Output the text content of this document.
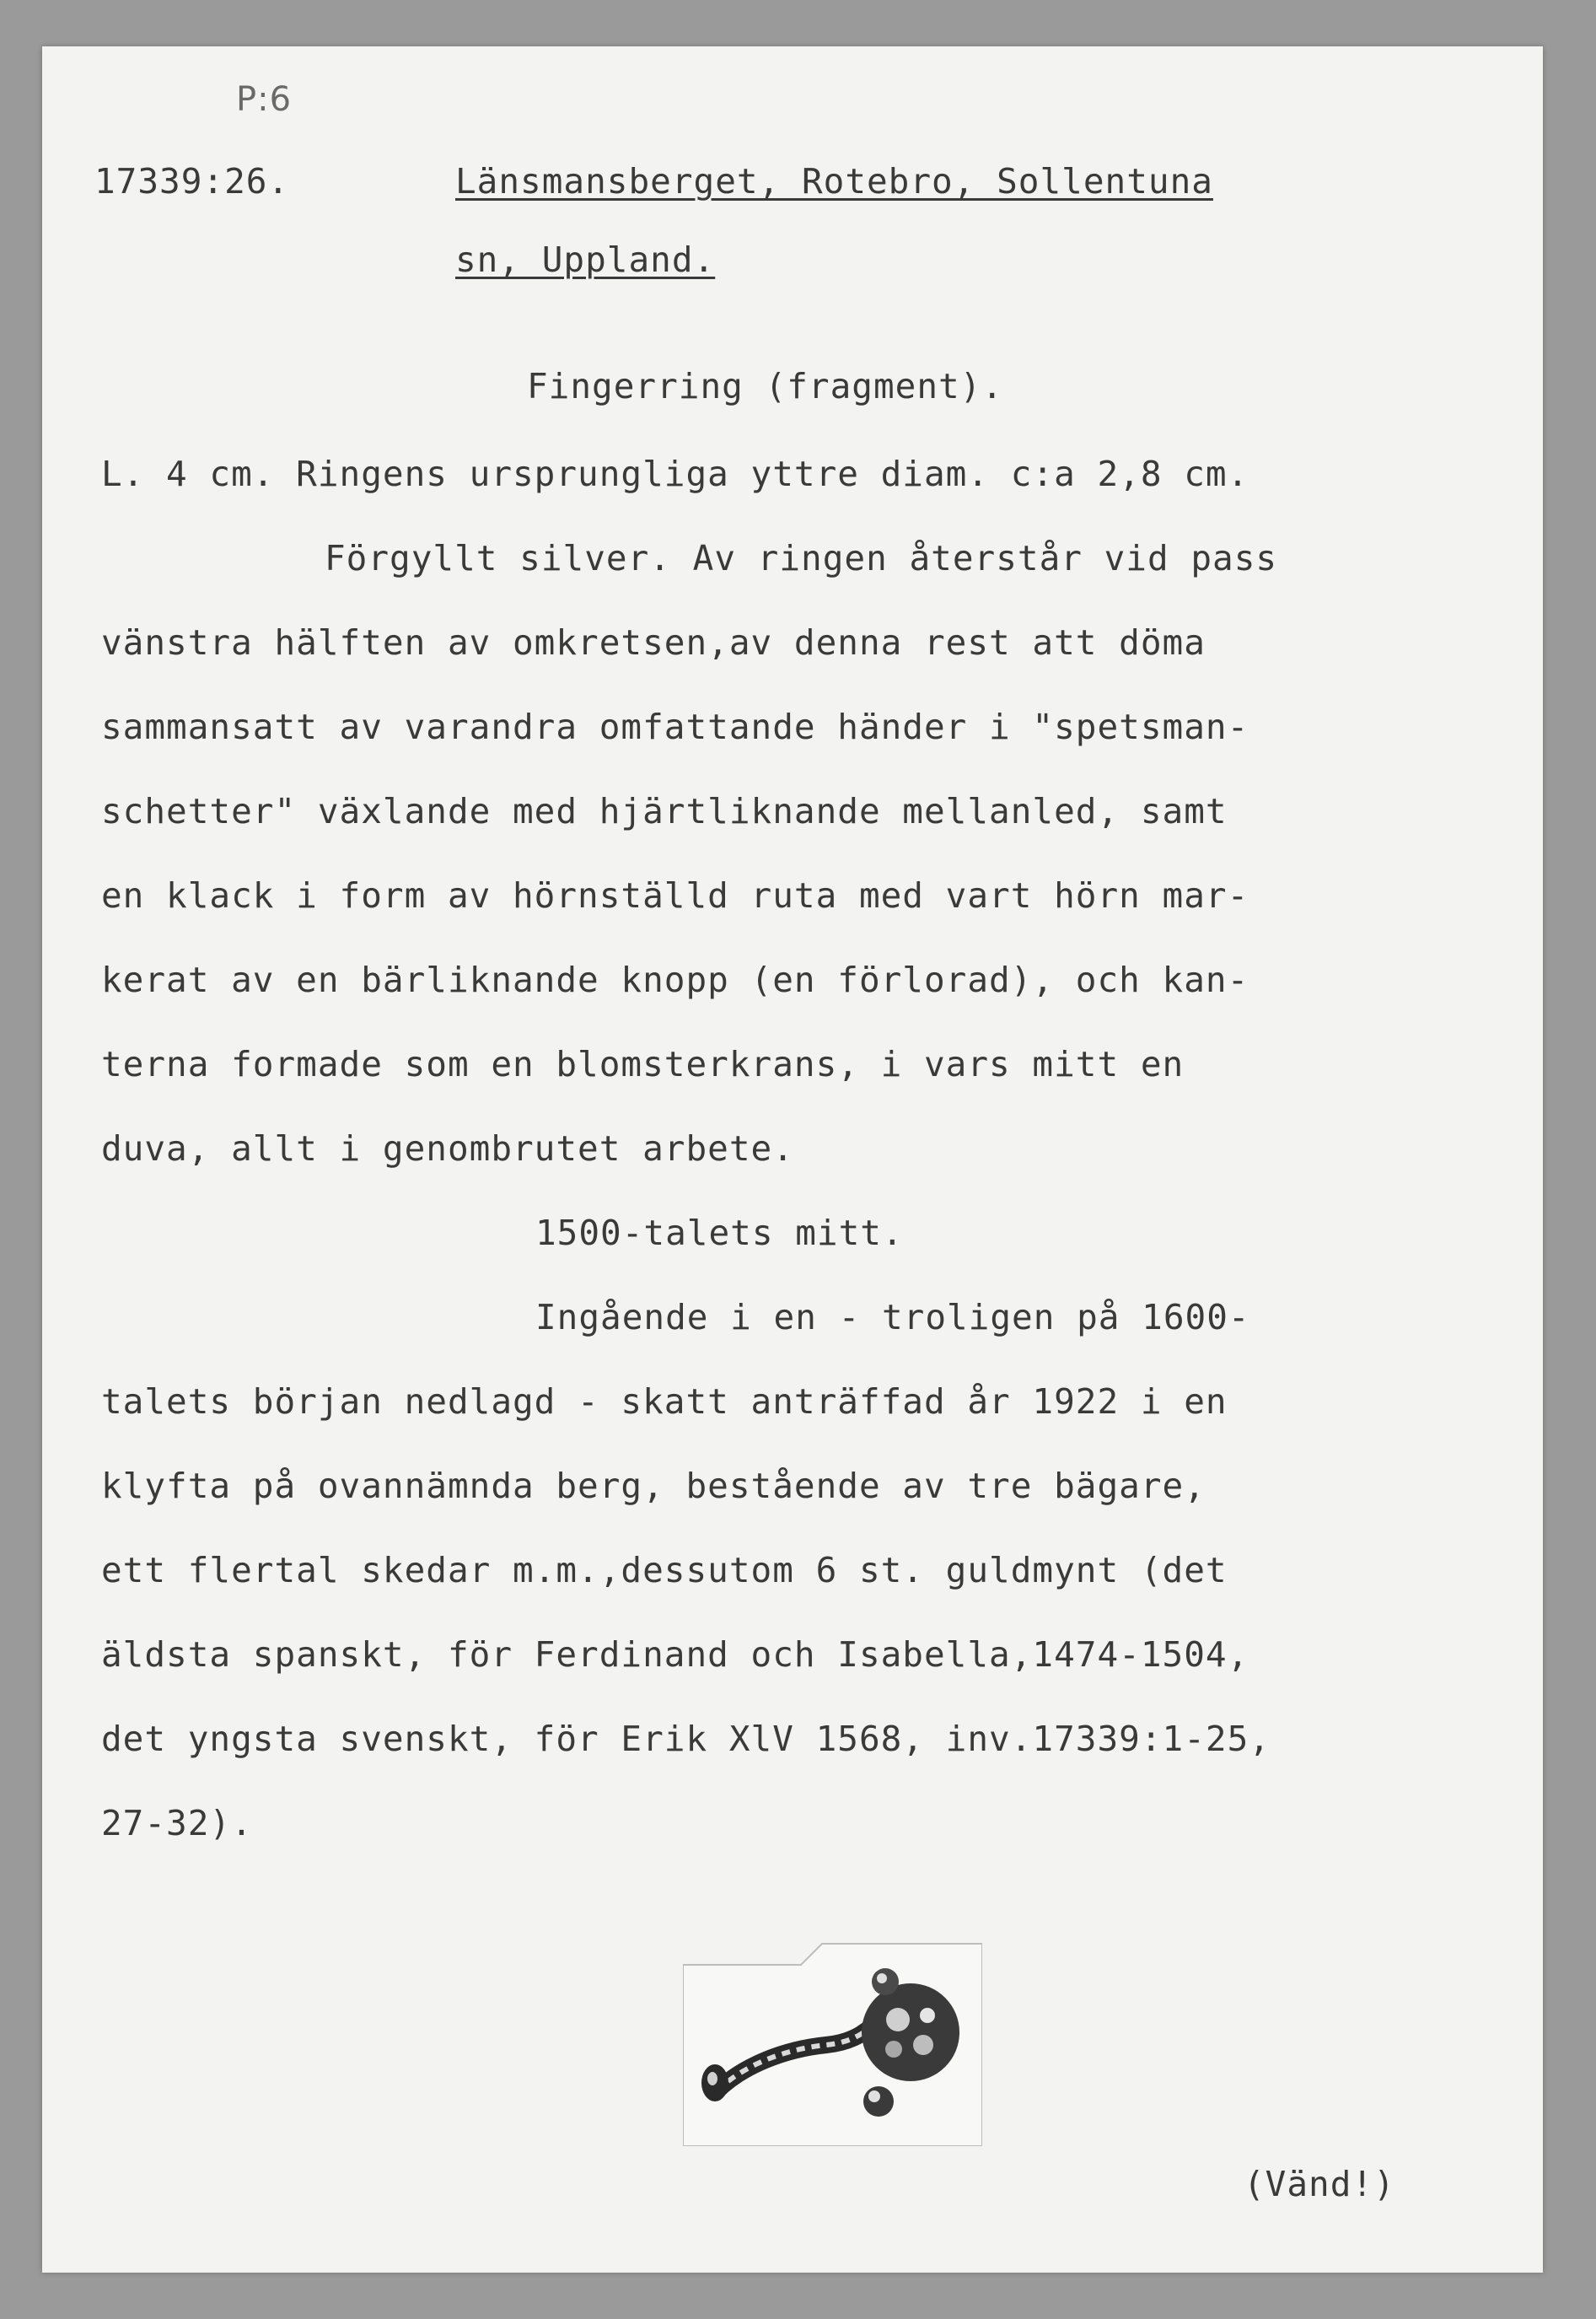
P:6

17339:26.	Länsmansberget, Rotebro, Sollentuna

sn, Uppland.

Fingerring (fragment).

L. 4 cm. Ringens ursprungliga yttre diam. c:a 2,8 cm.

Förgyllt silver. Av ringen återstår vid pass

vänstra hälften av omkretsen,av denna rest att döma

sammansatt av varandra omfattande händer i "spetsman-

schetter" växlande med hjärtliknande mellanled, samt

en klack i form av hörnställd ruta med vart hörn mar-

kerat av en bärliknande knopp (en förlorad), och kan-

terna formade som en blomsterkrans, i vars mitt en

duva, allt i genombrutet arbete.

1500-talets mitt.

Ingående i en - troligen på 1600-

talets början nedlagd - skatt anträffad år 1922 i en

klyfta på ovannämnda berg, bestående av tre bägare,

ett flertal skedar m.m.,dessutom 6 st. guldmynt (det

äldsta spanskt, för Ferdinand och Isabella,1474-1504,

det yngsta svenskt, för Erik XlV 1568, inv.17339:1-25,

27-32).

(Vänd!)
